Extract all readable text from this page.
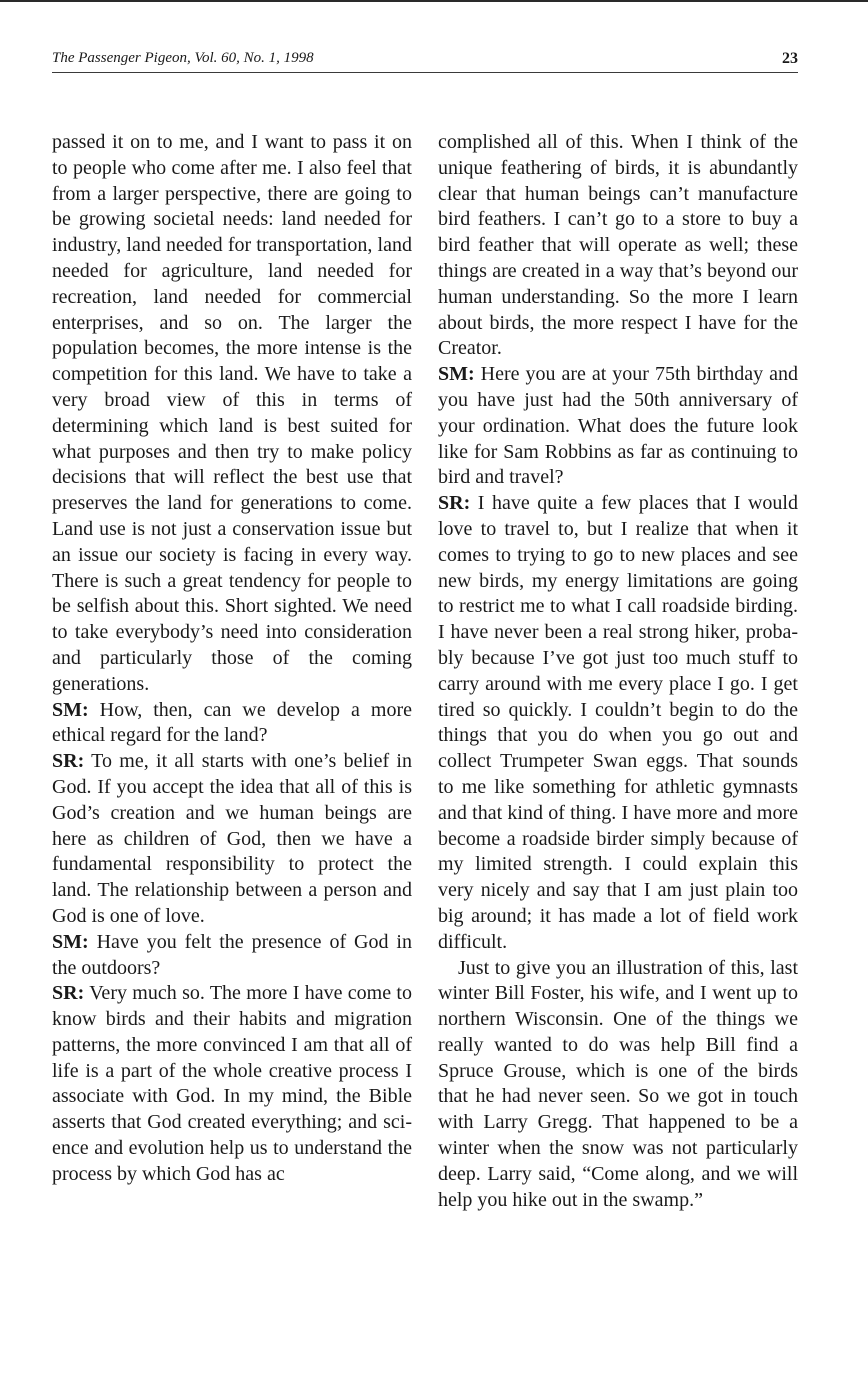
The Passenger Pigeon, Vol. 60, No. 1, 1998	23

passed it on to me, and I want to pass it on to people who come after me. I also feel that from a larger perspective, there are going to be growing societal needs: land needed for industry, land needed for transportation, land needed for agriculture, land needed for recreation, land needed for commercial enterprises, and so on. The larger the population becomes, the more intense is the competition for this land. We have to take a very broad view of this in terms of determining which land is best suited for what purposes and then try to make policy decisions that will reflect the best use that preserves the land for generations to come. Land use is not just a conservation issue but an issue our society is facing in every way. There is such a great tendency for people to be selfish about this. Short sighted. We need to take everybody’s need into consideration and particularly those of the coming generations.

SM: How, then, can we develop a more ethical regard for the land?

SR: To me, it all starts with one’s belief in God. If you accept the idea that all of this is God’s creation and we human beings are here as children of God, then we have a fundamental responsibility to protect the land. The relationship between a person and God is one of love.

SM: Have you felt the presence of God in the outdoors?

SR: Very much so. The more I have come to know birds and their habits and migration patterns, the more convinced I am that all of life is a part of the whole creative process I associate with God. In my mind, the Bible asserts that God created everything; and science and evolution help us to understand the process by which God has ac

complished all of this. When I think of the unique feathering of birds, it is abundantly clear that human beings can’t manufacture bird feathers. I can’t go to a store to buy a bird feather that will operate as well; these things are created in a way that’s beyond our human understanding. So the more I learn about birds, the more respect I have for the Creator.

SM: Here you are at your 75th birthday and you have just had the 50th anniversary of your ordination. What does the future look like for Sam Robbins as far as continuing to bird and travel?

SR: I have quite a few places that I would love to travel to, but I realize that when it comes to trying to go to new places and see new birds, my energy limitations are going to restrict me to what I call roadside birding. I have never been a real strong hiker, probably because I’ve got just too much stuff to carry around with me every place I go. I get tired so quickly. I couldn’t begin to do the things that you do when you go out and collect Trumpeter Swan eggs. That sounds to me like something for athletic gymnasts and that kind of thing. I have more and more become a roadside birder simply because of my limited strength. I could explain this very nicely and say that I am just plain too big around; it has made a lot of field work difficult.

Just to give you an illustration of this, last winter Bill Foster, his wife, and I went up to northern Wisconsin. One of the things we really wanted to do was help Bill find a Spruce Grouse, which is one of the birds that he had never seen. So we got in touch with Larry Gregg. That happened to be a winter when the snow was not particularly deep. Larry said, “Come along, and we will help you hike out in the swamp.”
